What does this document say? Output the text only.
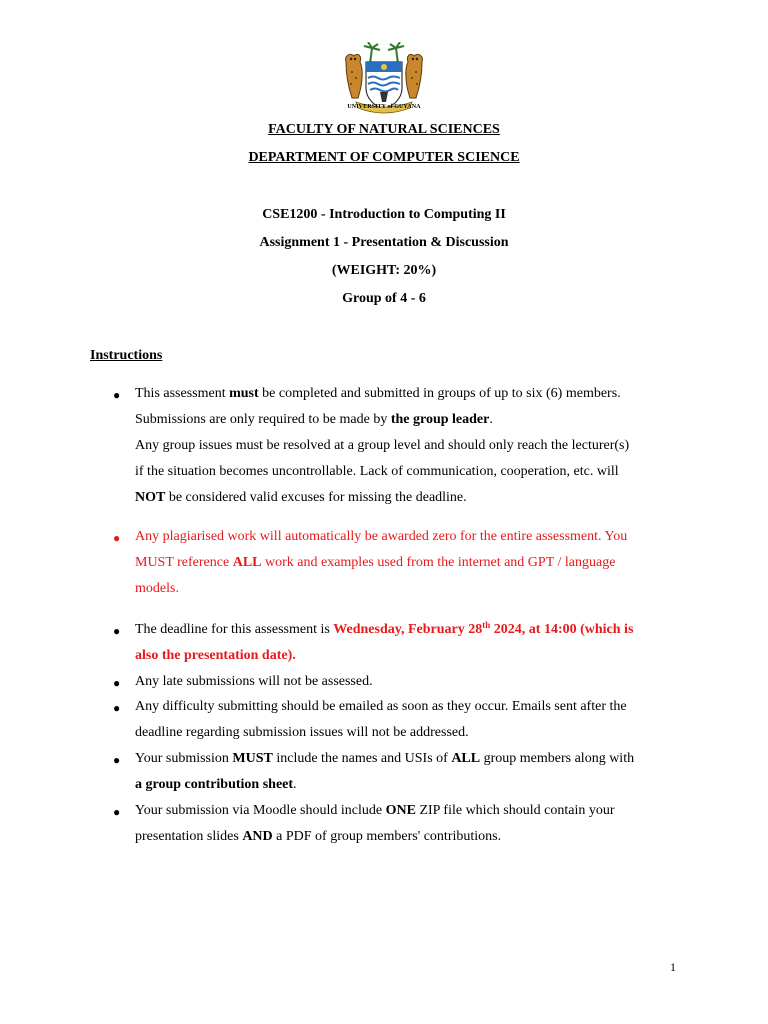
UNIVERSITY of GUYANA
FACULTY OF NATURAL SCIENCES
DEPARTMENT OF COMPUTER SCIENCE
CSE1200 - Introduction to Computing II
Assignment 1 - Presentation & Discussion
(WEIGHT: 20%)
Group of 4 - 6
Instructions
● This assessment must be completed and submitted in groups of up to six (6) members.
Submissions are only required to be made by the group leader.
Any group issues must be resolved at a group level and should only reach the lecturer(s)
if the situation becomes uncontrollable. Lack of communication, cooperation, etc. will
NOT be considered valid excuses for missing the deadline.

● Any plagiarised work will automatically be awarded zero for the entire assessment. You
MUST reference ALL work and examples used from the internet and GPT / language
models.

● The deadline for this assessment is Wednesday, February 28th 2024, at 14:00 (which is
also the presentation date).

● Any late submissions will not be assessed.

● Any difficulty submitting should be emailed as soon as they occur. Emails sent after the
deadline regarding submission issues will not be addressed.

● Your submission MUST include the names and USIs of ALL group members along with
a group contribution sheet.

● Your submission via Moodle should include ONE ZIP file which should contain your
presentation slides AND a PDF of group members' contributions.

1
